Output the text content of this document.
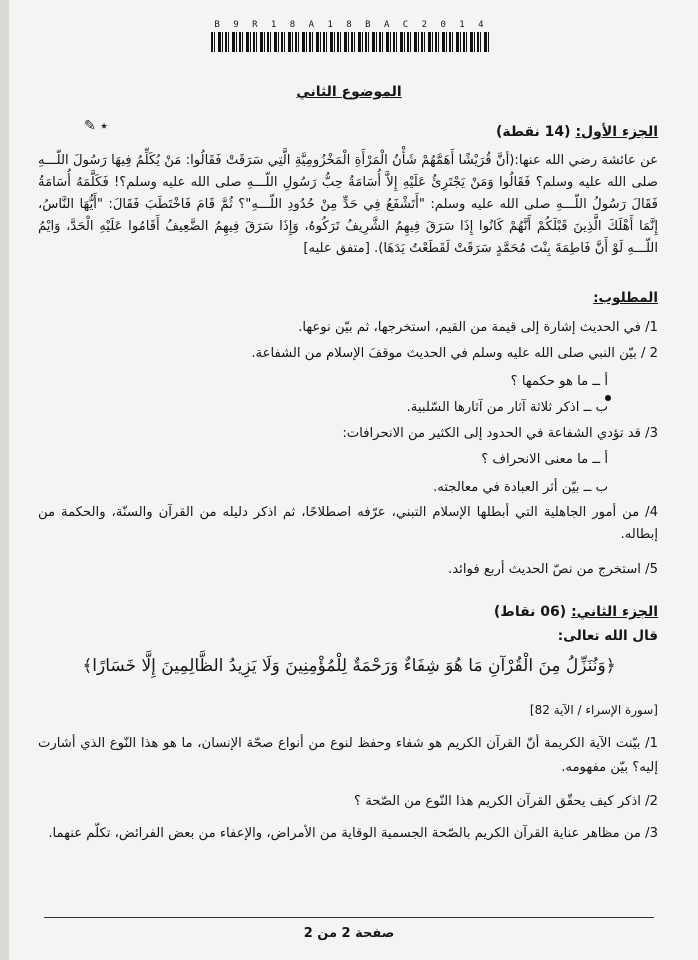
B 9 R 1 8 A 1 8 B A C 2 0 1 4
الموضوع الثاني
✎ ٭	الجزء الأول: (14 نقطة)
عن عائشة رضي الله عنها:(أنَّ قُرَيْشًا أَهَمَّهُمْ شَأْنُ الْمَرْأَةِ الْمَخْزُومِيَّةِ الَّتِي سَرَقَتْ فَقَالُوا: مَنْ يُكَلِّمُ فِيهَا رَسُولَ اللّـــهِ صلى الله عليه وسلم؟ فَقَالُوا وَمَنْ يَجْتَرِئُ عَلَيْهِ إِلاَّ أُسَامَةُ حِبُّ رَسُولِ اللّـــهِ صلى الله عليه وسلم؟! فَكَلَّمَهُ أُسَامَةُ فَقَالَ رَسُولُ اللّـــهِ صلى الله عليه وسلم: "أَتَشْفَعُ فِي حَدٍّ مِنْ حُدُودِ اللّـــهِ"؟ ثُمَّ قَامَ فَاخْتَطَبَ فَقَالَ: "أَيُّهَا النَّاسُ، إِنَّمَا أَهْلَكَ الَّذِينَ قَبْلَكُمْ أَنَّهُمْ كَانُوا إِذَا سَرَقَ فِيهِمُ الشَّرِيفُ تَرَكُوهُ، وَإِذَا سَرَقَ فِيهِمُ الضَّعِيفُ أَقَامُوا عَلَيْهِ الْحَدَّ، وَايْمُ اللّـــهِ لَوْ أَنَّ فَاطِمَةَ بِنْتَ مُحَمَّدٍ سَرَقَتْ لَقَطَعْتُ يَدَهَا). [متفق عليه]
المطلوب:
1/ في الحديث إشارة إلى قيمة من القيم، استخرجها، ثم بيّن نوعها.
2 / بيّن النبي صلى الله عليه وسلم في الحديث موقفَ الإسلام من الشفاعة.
أ ــ ما هو حكمها ؟
ب ــ اذكر ثلاثة آثار من آثارها السّلبية.
3/ قد تؤدي الشفاعة في الحدود إلى الكثير من الانحرافات:
أ ــ ما معنى الانحراف ؟
ب ــ بيّن أثر العبادة في معالجته.
4/ من أمور الجاهلية التي أبطلها الإسلام التبني، عرّفه اصطلاحًا، ثم اذكر دليله من القرآن والسنّة، والحكمة من إبطاله.
5/ استخرج من نصّ الحديث أربع فوائد.
الجزء الثاني: (06 نقاط)
قال الله تعالى:
﴿وَنُنَزِّلُ مِنَ الْقُرْآنِ مَا هُوَ شِفَاءٌ وَرَحْمَةٌ لِلْمُؤْمِنِينَ وَلَا يَزِيدُ الظَّالِمِينَ إِلَّا خَسَارًا﴾
[سورة الإسراء / الآية 82]
1/ بيّنت الآية الكريمة أنّ القرآن الكريم هو شفاء وحفظ لنوع من أنواع صحّة الإنسان، ما هو هذا النّوع الذي أشارت إليه؟ بيّن مفهومه.
2/ اذكر كيف يحقّق القرآن الكريم هذا النّوع من الصّحة ؟
3/ من مظاهر عناية القرآن الكريم بالصّحة الجسمية الوقاية من الأمراض، والإعفاء من بعض الفرائض، تكلّم عنهما.
صفحة 2 من 2
